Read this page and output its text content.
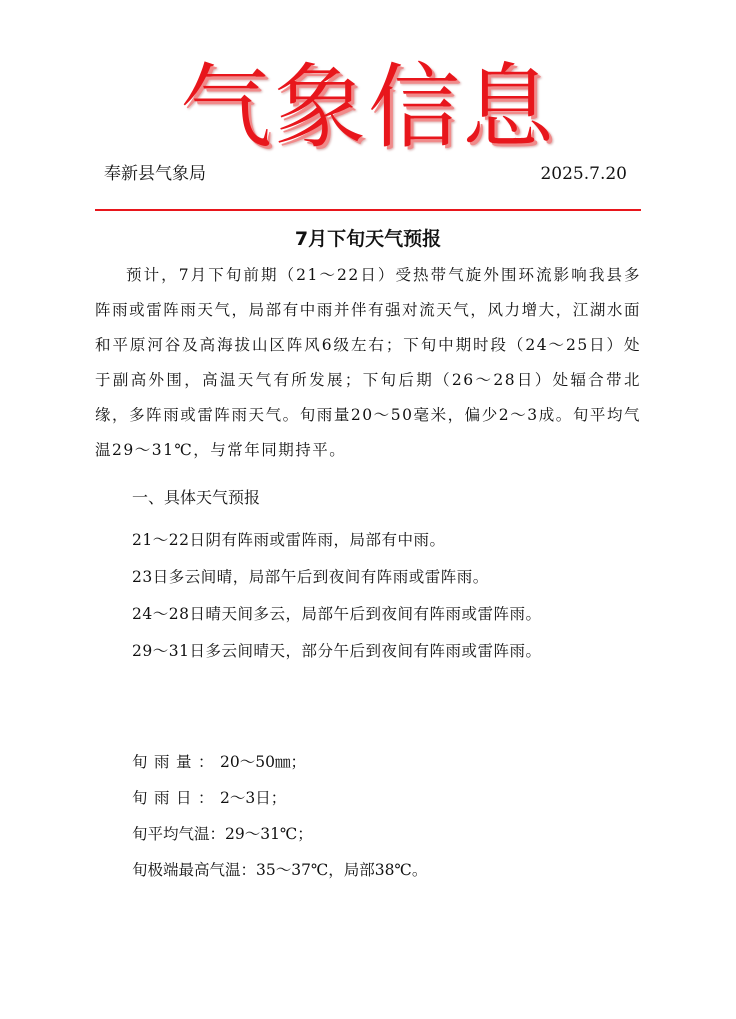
气象信息
奉新县气象局	2025.7.20
7月下旬天气预报

预计，7月下旬前期（21～22日）受热带气旋外围环流影响我县多阵雨或雷阵雨天气，局部有中雨并伴有强对流天气，风力增大，江湖水面和平原河谷及高海拔山区阵风6级左右；下旬中期时段（24～25日）处于副高外围，高温天气有所发展；下旬后期（26～28日）处辐合带北缘，多阵雨或雷阵雨天气。旬雨量20～50毫米，偏少2～3成。旬平均气温29～31℃，与常年同期持平。

一、具体天气预报
21～22日阴有阵雨或雷阵雨，局部有中雨。
23日多云间晴，局部午后到夜间有阵雨或雷阵雨。
24～28日晴天间多云，局部午后到夜间有阵雨或雷阵雨。
29～31日多云间晴天，部分午后到夜间有阵雨或雷阵雨。
旬雨量：20～50㎜；
旬雨日：2～3日；
旬平均气温：29～31℃；
旬极端最高气温：35～37℃，局部38℃。
